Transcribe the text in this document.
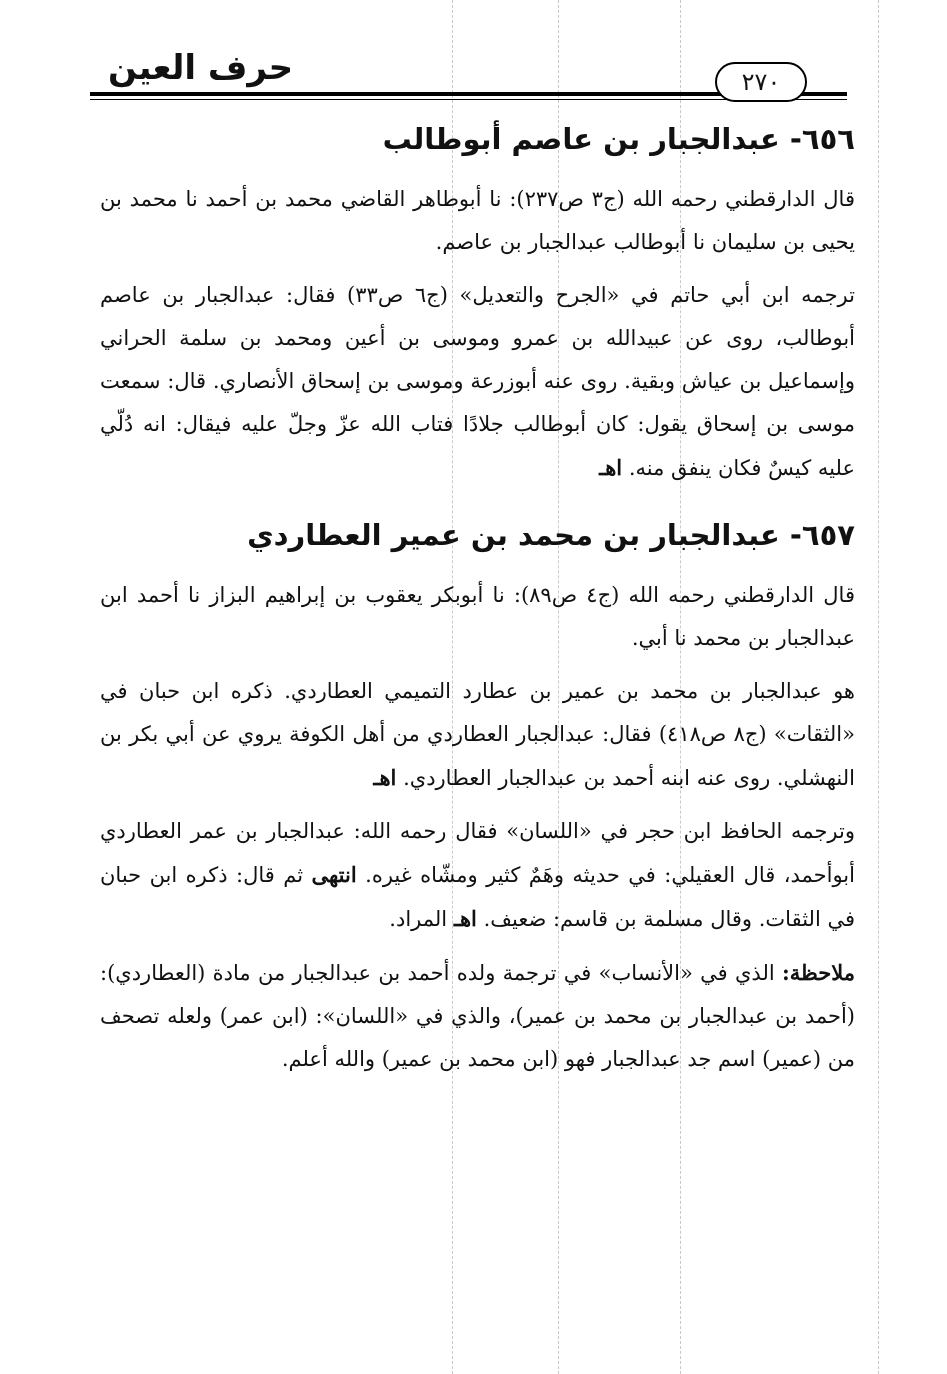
حرف العين	٢٧٠
٦٥٦- عبدالجبار بن عاصم أبوطالب

قال الدارقطني رحمه الله (ج٣ ص٢٣٧): نا أبوطاهر القاضي محمد بن أحمد نا محمد بن يحيى بن سليمان نا أبوطالب عبدالجبار بن عاصم.

ترجمه ابن أبي حاتم في «الجرح والتعديل» (ج٦ ص٣٣) فقال: عبدالجبار بن عاصم أبوطالب، روى عن عبيدالله بن عمرو وموسى بن أعين ومحمد بن سلمة الحراني وإسماعيل بن عياش وبقية. روى عنه أبوزرعة وموسى بن إسحاق الأنصاري. قال: سمعت موسى بن إسحاق يقول: كان أبوطالب جلادًا فتاب الله عزّ وجلّ عليه فيقال: انه دُلّي عليه كيسٌ فكان ينفق منه. اهـ

٦٥٧- عبدالجبار بن محمد بن عمير العطاردي

قال الدارقطني رحمه الله (ج٤ ص٨٩): نا أبوبكر يعقوب بن إبراهيم البزاز نا أحمد ابن عبدالجبار بن محمد نا أبي.

هو عبدالجبار بن محمد بن عمير بن عطارد التميمي العطاردي. ذكره ابن حبان في «الثقات» (ج٨ ص٤١٨) فقال: عبدالجبار العطاردي من أهل الكوفة يروي عن أبي بكر بن النهشلي. روى عنه ابنه أحمد بن عبدالجبار العطاردي. اهـ

وترجمه الحافظ ابن حجر في «اللسان» فقال رحمه الله: عبدالجبار بن عمر العطاردي أبوأحمد، قال العقيلي: في حديثه وهَمٌ كثير ومشّاه غيره. انتهى ثم قال: ذكره ابن حبان في الثقات. وقال مسلمة بن قاسم: ضعيف. اهـ المراد.

ملاحظة: الذي في «الأنساب» في ترجمة ولده أحمد بن عبدالجبار من مادة (العطاردي): (أحمد بن عبدالجبار بن محمد بن عمير)، والذي في «اللسان»: (ابن عمر) ولعله تصحف من (عمير) اسم جد عبدالجبار فهو (ابن محمد بن عمير) والله أعلم.
